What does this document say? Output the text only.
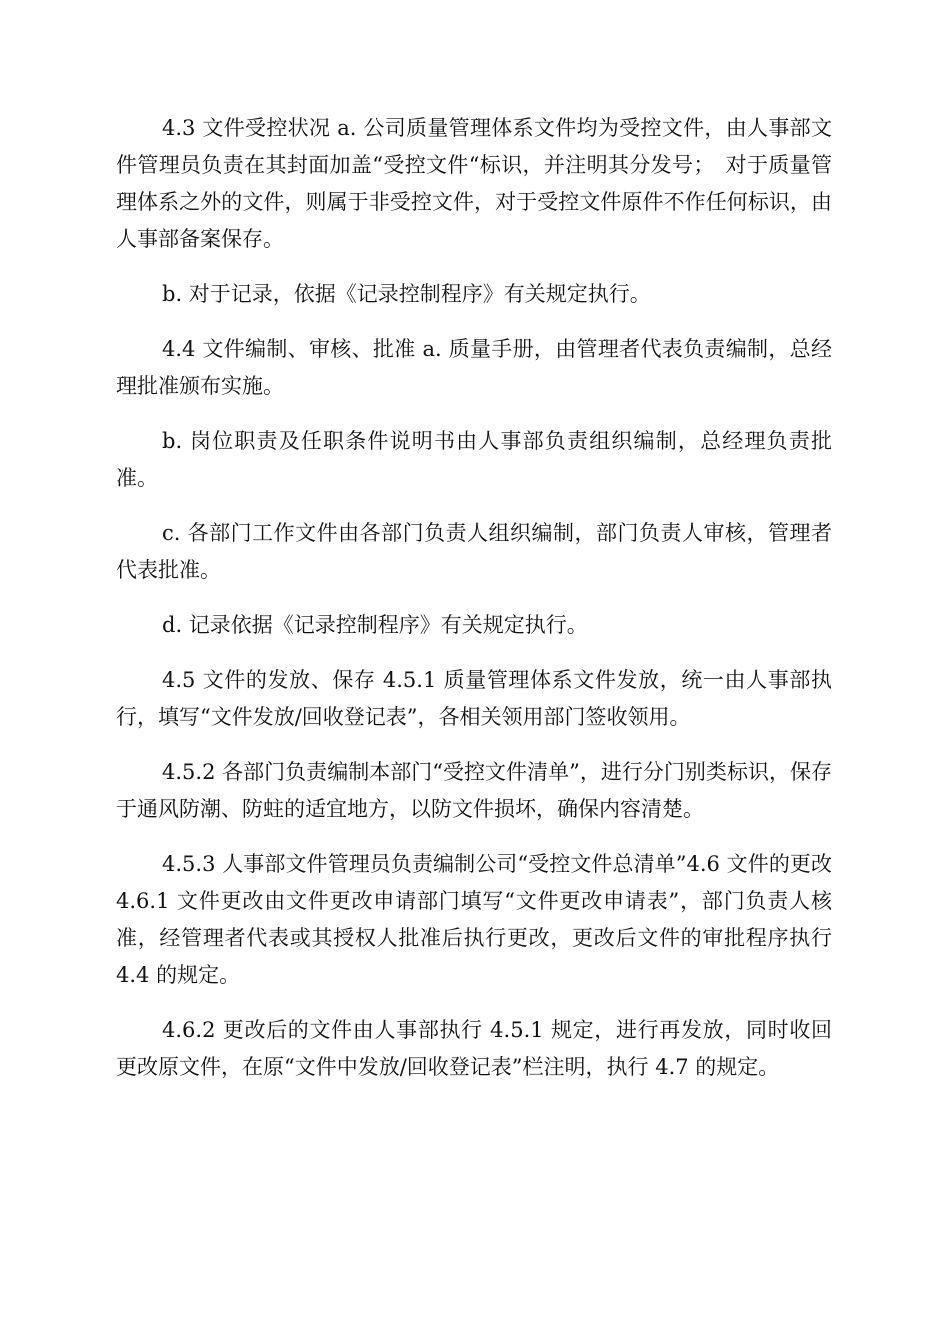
4.3 文件受控状况 a. 公司质量管理体系文件均为受控文件，由人事部文件管理员负责在其封面加盖“受控文件“标识，并注明其分发号；　对于质量管理体系之外的文件，则属于非受控文件，对于受控文件原件不作任何标识，由人事部备案保存。

b. 对于记录，依据《记录控制程序》有关规定执行。

4.4 文件编制、审核、批准 a. 质量手册，由管理者代表负责编制，总经理批准颁布实施。

b. 岗位职责及任职条件说明书由人事部负责组织编制，总经理负责批准。

c. 各部门工作文件由各部门负责人组织编制，部门负责人审核，管理者代表批准。

d. 记录依据《记录控制程序》有关规定执行。

4.5 文件的发放、保存 4.5.1 质量管理体系文件发放，统一由人事部执行，填写“文件发放/回收登记表”，各相关领用部门签收领用。

4.5.2 各部门负责编制本部门“受控文件清单”，进行分门别类标识，保存于通风防潮、防蛀的适宜地方，以防文件损坏，确保内容清楚。

4.5.3 人事部文件管理员负责编制公司“受控文件总清单”4.6 文件的更改 4.6.1 文件更改由文件更改申请部门填写“文件更改申请表”，部门负责人核准，经管理者代表或其授权人批准后执行更改，更改后文件的审批程序执行 4.4 的规定。

4.6.2 更改后的文件由人事部执行 4.5.1 规定，进行再发放，同时收回更改原文件，在原“文件中发放/回收登记表”栏注明，执行 4.7 的规定。
